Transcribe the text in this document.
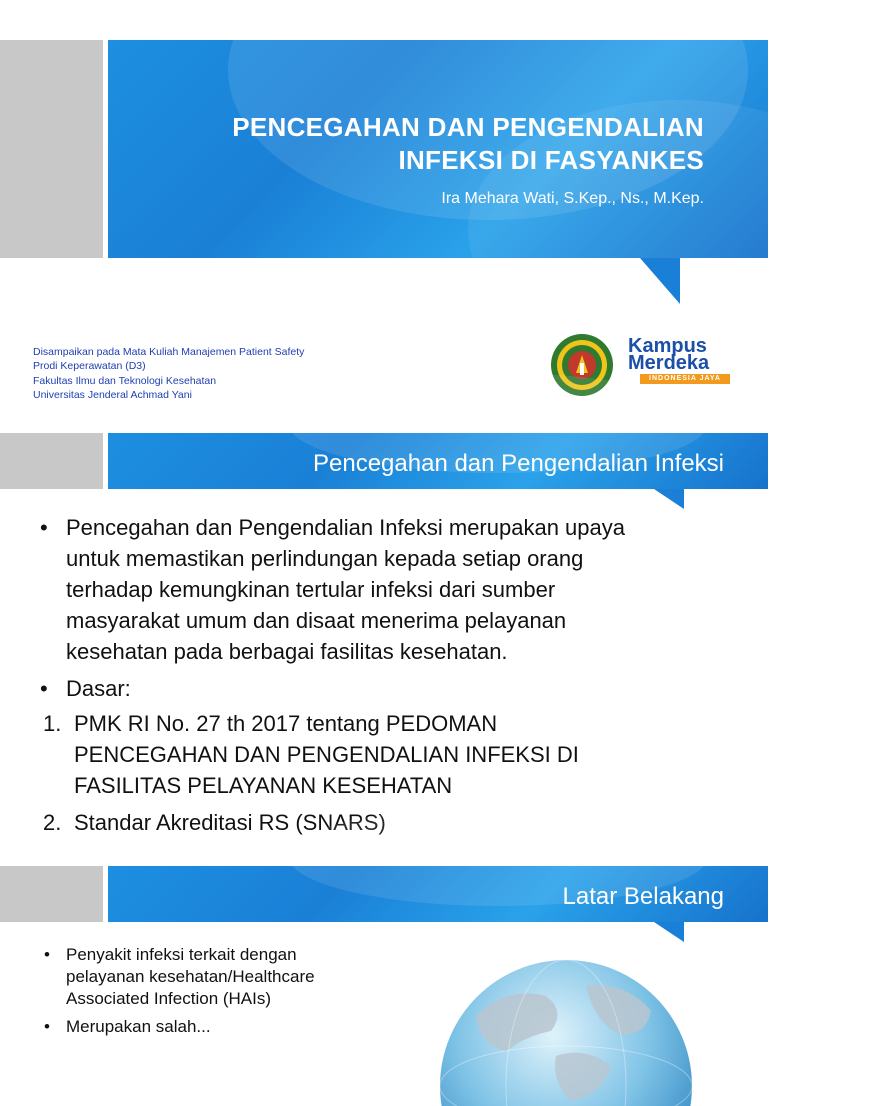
PENCEGAHAN DAN PENGENDALIAN
INFEKSI DI FASYANKES
Ira Mehara Wati, S.Kep., Ns., M.Kep.
Disampaikan pada Mata Kuliah Manajemen Patient Safety
Prodi Keperawatan (D3)
Fakultas Ilmu dan Teknologi Kesehatan
Universitas Jenderal Achmad Yani
Kampus
Merdeka
INDONESIA JAYA
Pencegahan dan Pengendalian Infeksi
• Pencegahan dan Pengendalian Infeksi merupakan upaya
untuk memastikan perlindungan kepada setiap orang
terhadap kemungkinan tertular infeksi dari sumber
masyarakat umum dan disaat menerima pelayanan
kesehatan pada berbagai fasilitas kesehatan.
• Dasar:
1. PMK RI No. 27 th 2017 tentang PEDOMAN
PENCEGAHAN DAN PENGENDALIAN INFEKSI DI
FASILITAS PELAYANAN KESEHATAN
2. Standar Akreditasi RS (SNARS)
Latar Belakang
• Penyakit infeksi terkait dengan
pelayanan kesehatan/Healthcare
Associated Infection (HAIs)
• Merupakan salah...
